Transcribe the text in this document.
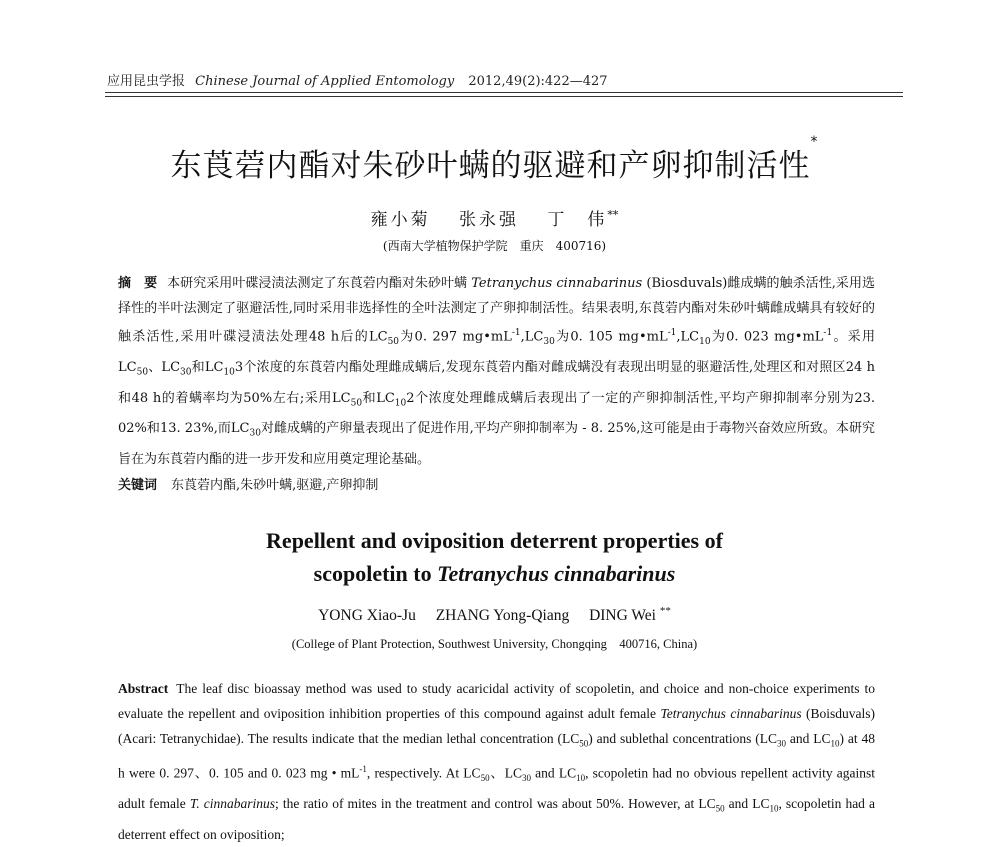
应用昆虫学报 Chinese Journal of Applied Entomology 2012,49(2):422—427
东莨菪内酯对朱砂叶螨的驱避和产卵抑制活性*
雍小菊 张永强 丁　伟**
(西南大学植物保护学院　重庆　400716)
摘　要 本研究采用叶碟浸渍法测定了东莨菪内酯对朱砂叶螨 Tetranychus cinnabarinus (Biosduvals)雌成螨的触杀活性,采用选择性的半叶法测定了驱避活性,同时采用非选择性的全叶法测定了产卵抑制活性。结果表明,东莨菪内酯对朱砂叶螨雌成螨具有较好的触杀活性,采用叶碟浸渍法处理48 h后的$LC_{50}$为0. 297 $mg•mL^{-1},LC_{30}$为0. 105 $mg•mL^{-1},LC_{10}$为0. 023 $mg•mL^{-1}$。采用$LC_{50}$、$LC_{30}$和$LC_{10}3$个浓度的东莨菪内酯处理雌成螨后,发现东莨菪内酯对雌成螨没有表现出明显的驱避活性,处理区和对照区24 h和48 h的着螨率均为50%左右;采用$LC_{50}$和$LC_{10}2$个浓度处理雌成螨后表现出了一定的产卵抑制活性,平均产卵抑制率分别为23. 02%和13. 23%,而$LC_{30}$对雌成螨的产卵量表现出了促进作用,平均产卵抑制率为 - 8. 25%,这可能是由于毒物兴奋效应所致。本研究旨在为东莨菪内酯的进一步开发和应用奠定理论基础。
关键词 东莨菪内酯,朱砂叶螨,驱避,产卵抑制
Repellent and oviposition deterrent properties of
scopoletin to Tetranychus cinnabarinus
YONG Xiao-Ju ZHANG Yong-Qiang DING Wei **
(College of Plant Protection, Southwest University, Chongqing　400716, China)
Abstract The leaf disc bioassay method was used to study acaricidal activity of scopoletin, and choice and non-choice experiments to evaluate the repellent and oviposition inhibition properties of this compound against adult female Tetranychus cinnabarinus (Boisduvals) (Acari: Tetranychidae). The results indicate that the median lethal concentration $(LC_{50})$ and sublethal concentrations ($LC_{30}$ and $LC_{10}$) at 48 h were 0. 297、0. 105 and 0. 023 mg • $mL^{-1}$, respectively. At $LC_{50}$、$LC_{30}$ and $LC_{10}$, scopoletin had no obvious repellent activity against adult female T. cinnabarinus; the ratio of mites in the treatment and control was about 50%. However, at $LC_{50}$ and $LC_{10}$, scopoletin had a deterrent effect on oviposition;
